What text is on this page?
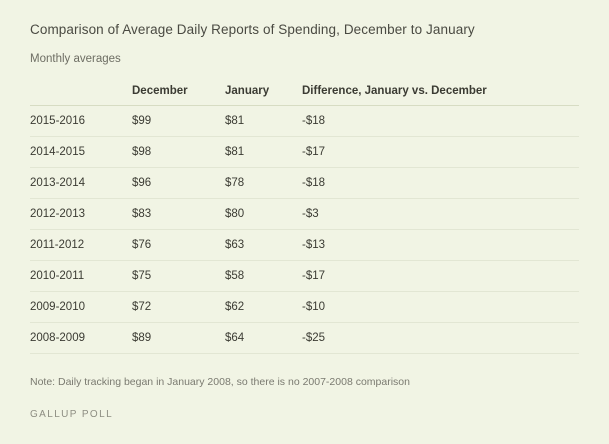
Comparison of Average Daily Reports of Spending, December to January
Monthly averages
	December	January	Difference, January vs. December
2015-2016	$99	$81	-$18
2014-2015	$98	$81	-$17
2013-2014	$96	$78	-$18
2012-2013	$83	$80	-$3
2011-2012	$76	$63	-$13
2010-2011	$75	$58	-$17
2009-2010	$72	$62	-$10
2008-2009	$89	$64	-$25
Note: Daily tracking began in January 2008, so there is no 2007-2008 comparison
GALLUP POLL
